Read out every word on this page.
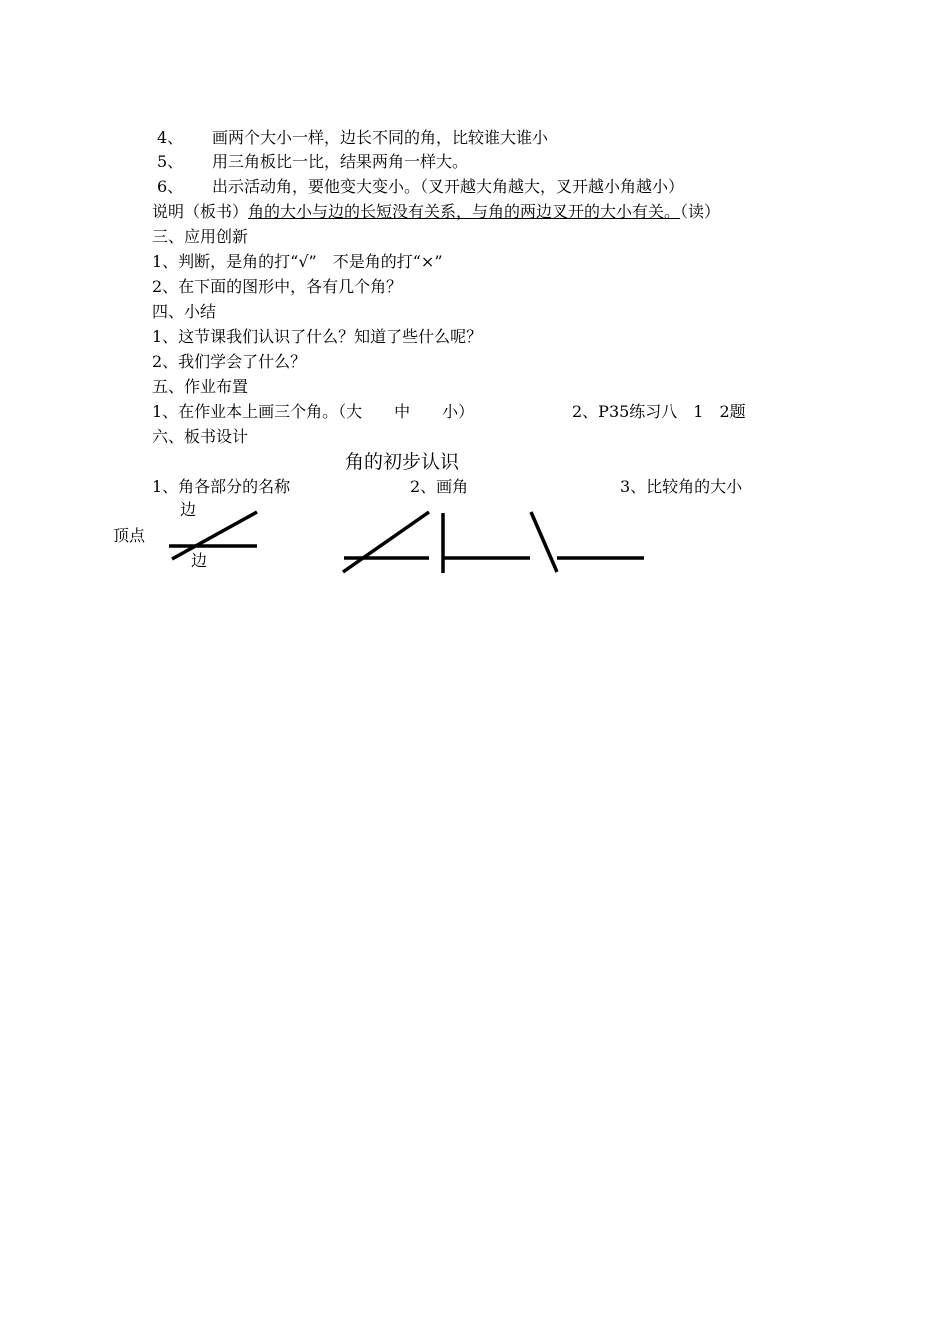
4、 画两个大小一样，边长不同的角，比较谁大谁小
5、 用三角板比一比，结果两角一样大。
6、 出示活动角，要他变大变小。（叉开越大角越大，叉开越小角越小）
说明（板书）角的大小与边的长短没有关系，与角的两边叉开的大小有关。（读）
三、应用创新
1、判断，是角的打“√”　不是角的打“×”
2、在下面的图形中，各有几个角？
四、小结
1、这节课我们认识了什么？知道了些什么呢？
2、我们学会了什么？
五、作业布置
1、在作业本上画三个角。（大　　中　　小）	2、P35练习八　1　2题
六、板书设计
角的初步认识
1、角各部分的名称	2、画角	3、比较角的大小
边
顶点
边
